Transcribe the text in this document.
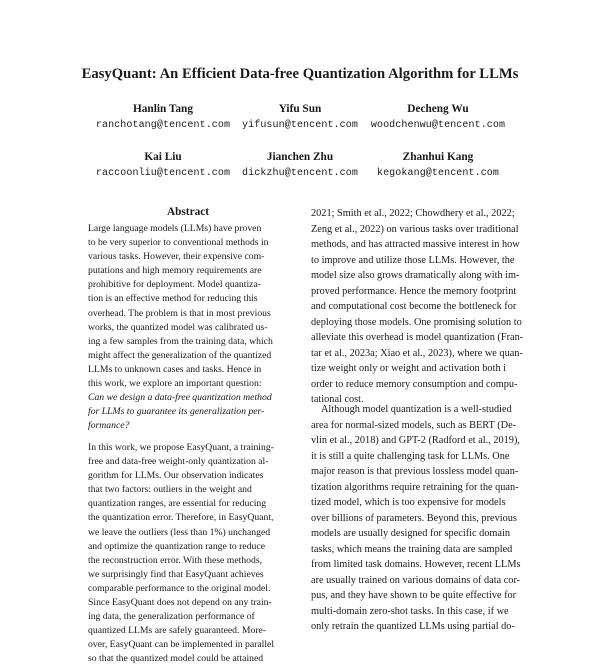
EasyQuant: An Efficient Data-free Quantization Algorithm for LLMs
Hanlin Tang
ranchotang@tencent.com
Yifu Sun
yifusun@tencent.com
Decheng Wu
woodchenwu@tencent.com
Kai Liu
raccoonliu@tencent.com
Jianchen Zhu
dickzhu@tencent.com
Zhanhui Kang
kegokang@tencent.com
Abstract

Large language models (LLMs) have proven
to be very superior to conventional methods in
various tasks. However, their expensive com-
putations and high memory requirements are
prohibitive for deployment. Model quantiza-
tion is an effective method for reducing this
overhead. The problem is that in most previous
works, the quantized model was calibrated us-
ing a few samples from the training data, which
might affect the generalization of the quantized
LLMs to unknown cases and tasks. Hence in
this work, we explore an important question:
Can we design a data-free quantization method
for LLMs to guarantee its generalization per-
formance?

In this work, we propose EasyQuant, a training-
free and data-free weight-only quantization al-
gorithm for LLMs. Our observation indicates
that two factors: outliers in the weight and
quantization ranges, are essential for reducing
the quantization error. Therefore, in EasyQuant,
we leave the outliers (less than 1%) unchanged
and optimize the quantization range to reduce
the reconstruction error. With these methods,
we surprisingly find that EasyQuant achieves
comparable performance to the original model.
Since EasyQuant does not depend on any train-
ing data, the generalization performance of
quantized LLMs are safely guaranteed. More-
over, EasyQuant can be implemented in parallel
so that the quantized model could be attained

2021; Smith et al., 2022; Chowdhery et al., 2022;
Zeng et al., 2022) on various tasks over traditional
methods, and has attracted massive interest in how
to improve and utilize those LLMs. However, the
model size also grows dramatically along with im-
proved performance. Hence the memory footprint
and computational cost become the bottleneck for
deploying those models. One promising solution to
alleviate this overhead is model quantization (Fran-
tar et al., 2023a; Xiao et al., 2023), where we quan-
tize weight only or weight and activation both i
order to reduce memory consumption and compu-
tational cost.

Although model quantization is a well-studied
area for normal-sized models, such as BERT (De-
vlin et al., 2018) and GPT-2 (Radford et al., 2019),
it is still a quite challenging task for LLMs. One
major reason is that previous lossless model quan-
tization algorithms require retraining for the quan-
tized model, which is too expensive for models
over billions of parameters. Beyond this, previous
models are usually designed for specific domain
tasks, which means the training data are sampled
from limited task domains. However, recent LLMs
are usually trained on various domains of data cor-
pus, and they have shown to be quite effective for
multi-domain zero-shot tasks. In this case, if we
only retrain the quantized LLMs using partial do-
